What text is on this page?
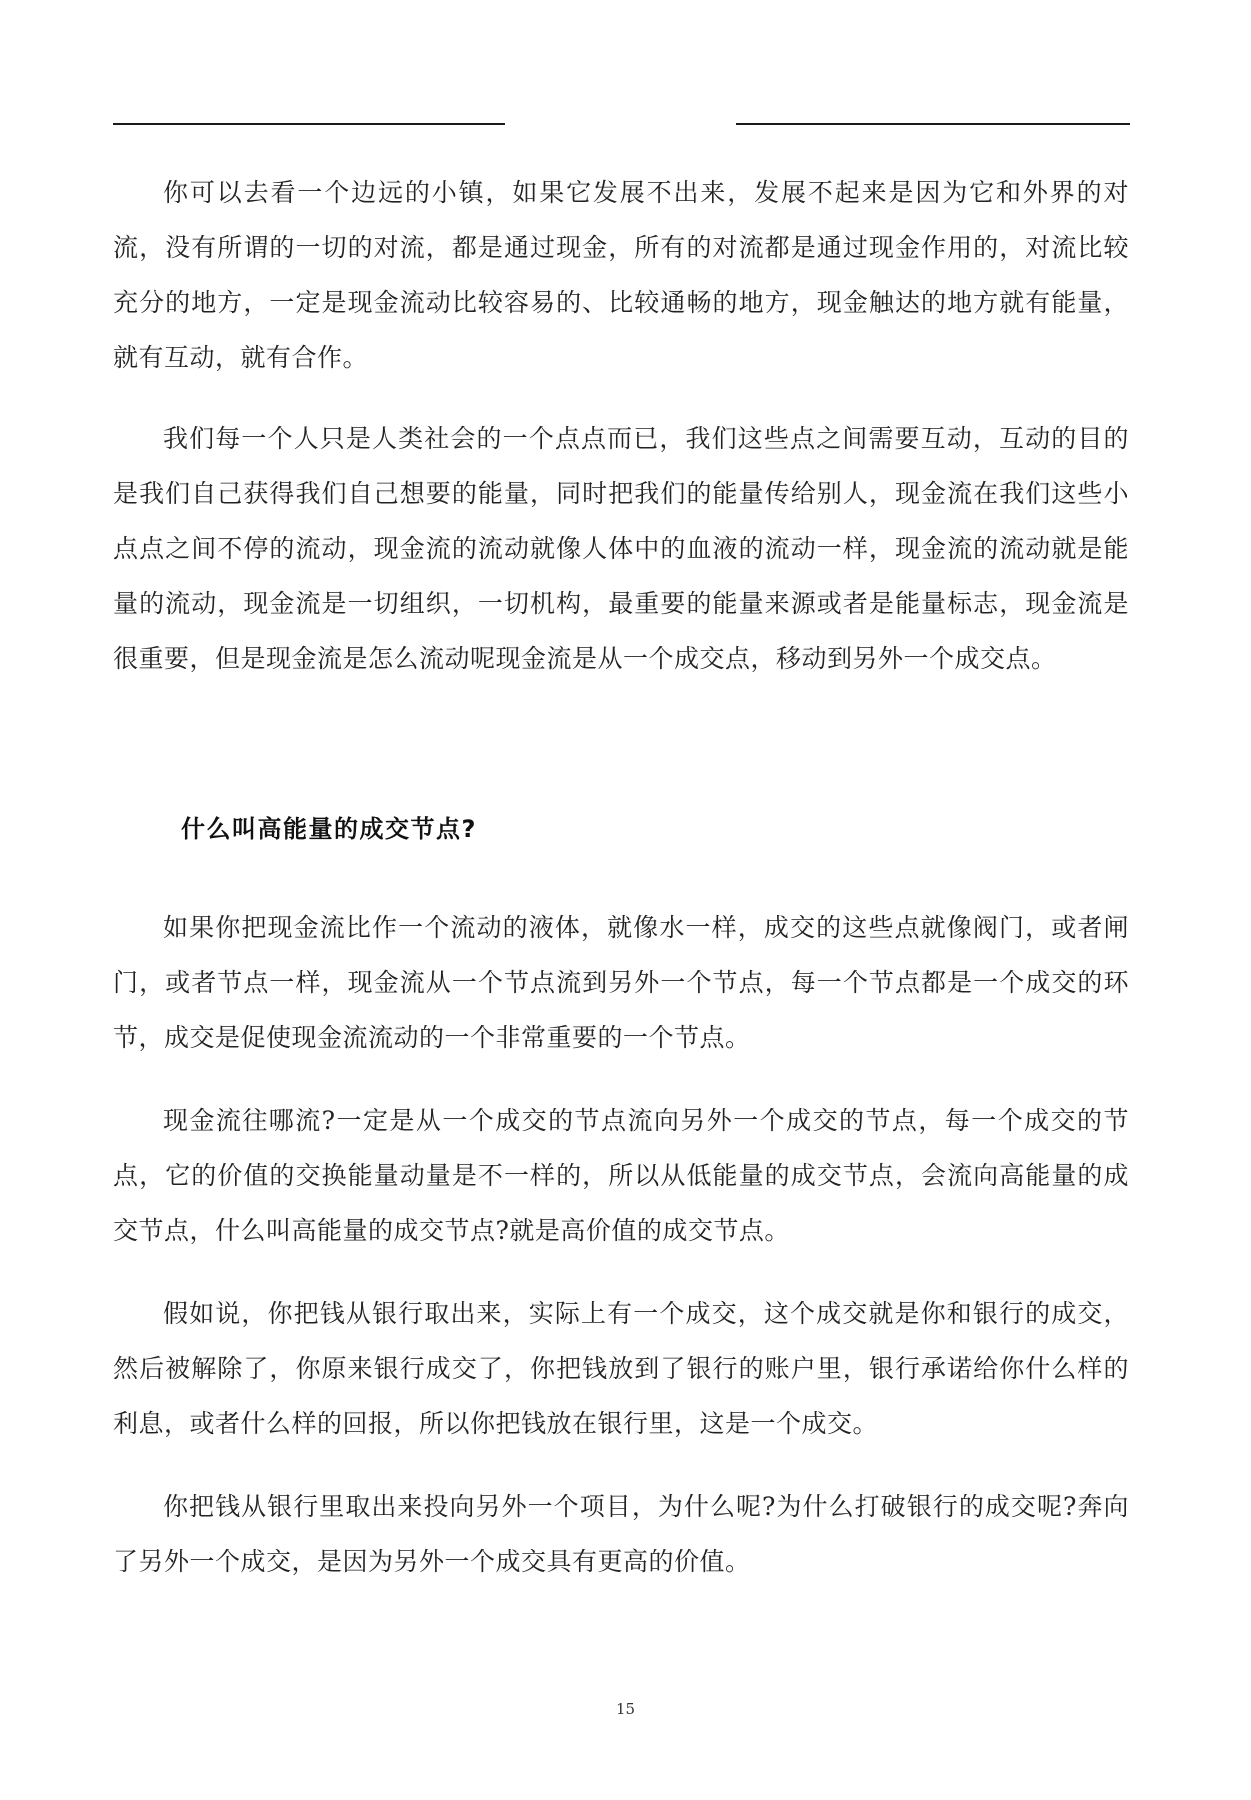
你可以去看一个边远的小镇，如果它发展不出来，发展不起来是因为它和外界的对流，没有所谓的一切的对流，都是通过现金，所有的对流都是通过现金作用的，对流比较充分的地方，一定是现金流动比较容易的、比较通畅的地方，现金触达的地方就有能量，就有互动，就有合作。

我们每一个人只是人类社会的一个点点而已，我们这些点之间需要互动，互动的目的是我们自己获得我们自己想要的能量，同时把我们的能量传给别人，现金流在我们这些小点点之间不停的流动，现金流的流动就像人体中的血液的流动一样，现金流的流动就是能量的流动，现金流是一切组织，一切机构，最重要的能量来源或者是能量标志，现金流是很重要，但是现金流是怎么流动呢现金流是从一个成交点，移动到另外一个成交点。

什么叫高能量的成交节点?

如果你把现金流比作一个流动的液体，就像水一样，成交的这些点就像阀门，或者闸门，或者节点一样，现金流从一个节点流到另外一个节点，每一个节点都是一个成交的环节，成交是促使现金流流动的一个非常重要的一个节点。

现金流往哪流?一定是从一个成交的节点流向另外一个成交的节点，每一个成交的节点，它的价值的交换能量动量是不一样的，所以从低能量的成交节点，会流向高能量的成交节点，什么叫高能量的成交节点?就是高价值的成交节点。

假如说，你把钱从银行取出来，实际上有一个成交，这个成交就是你和银行的成交，然后被解除了，你原来银行成交了，你把钱放到了银行的账户里，银行承诺给你什么样的利息，或者什么样的回报，所以你把钱放在银行里，这是一个成交。

你把钱从银行里取出来投向另外一个项目，为什么呢?为什么打破银行的成交呢?奔向了另外一个成交，是因为另外一个成交具有更高的价值。

15
